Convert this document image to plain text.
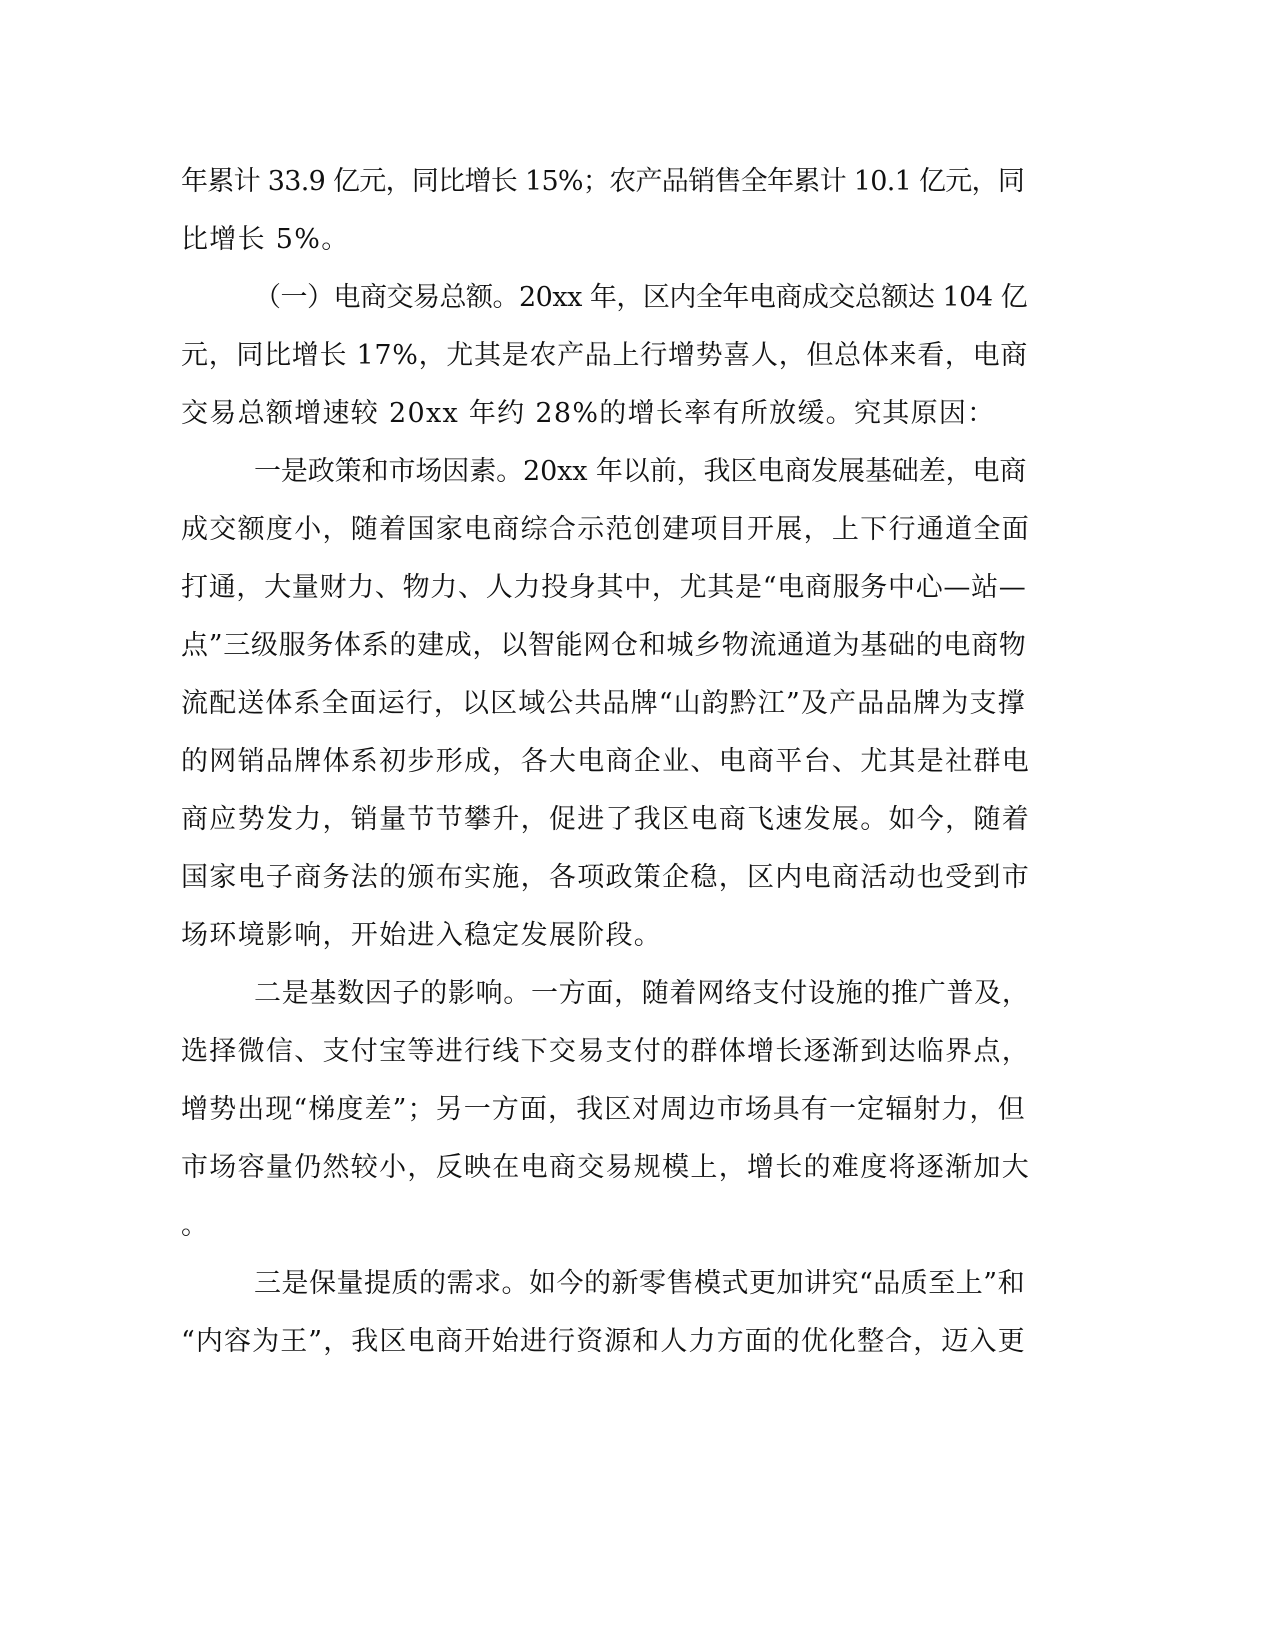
年累计 33.9 亿元，同比增长 15%；农产品销售全年累计 10.1 亿元，同
比增长 5%。
（一）电商交易总额。20xx 年，区内全年电商成交总额达 104 亿
元，同比增长 17%，尤其是农产品上行增势喜人，但总体来看，电商
交易总额增速较 20xx 年约 28%的增长率有所放缓。究其原因：
一是政策和市场因素。20xx 年以前，我区电商发展基础差，电商
成交额度小，随着国家电商综合示范创建项目开展，上下行通道全面
打通，大量财力、物力、人力投身其中，尤其是“电商服务中心—站—
点”三级服务体系的建成，以智能网仓和城乡物流通道为基础的电商物
流配送体系全面运行，以区域公共品牌“山韵黔江”及产品品牌为支撑
的网销品牌体系初步形成，各大电商企业、电商平台、尤其是社群电
商应势发力，销量节节攀升，促进了我区电商飞速发展。如今，随着
国家电子商务法的颁布实施，各项政策企稳，区内电商活动也受到市
场环境影响，开始进入稳定发展阶段。
二是基数因子的影响。一方面，随着网络支付设施的推广普及，
选择微信、支付宝等进行线下交易支付的群体增长逐渐到达临界点，
增势出现“梯度差”；另一方面，我区对周边市场具有一定辐射力，但
市场容量仍然较小，反映在电商交易规模上，增长的难度将逐渐加大
。
三是保量提质的需求。如今的新零售模式更加讲究“品质至上”和
“内容为王”，我区电商开始进行资源和人力方面的优化整合，迈入更
